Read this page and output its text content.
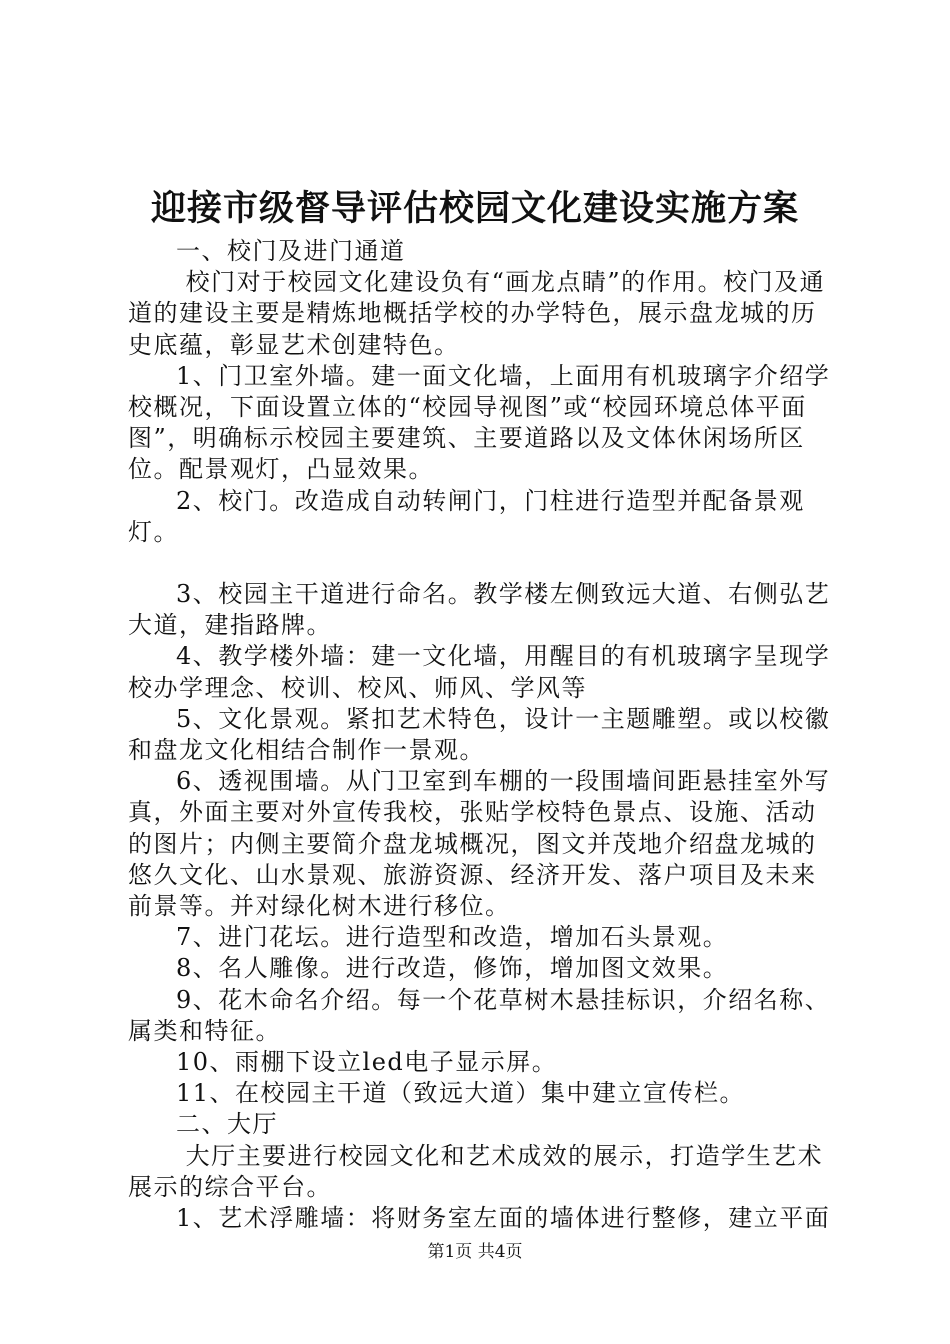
迎接市级督导评估校园文化建设实施方案

一、校门及进门通道

校门对于校园文化建设负有“画龙点睛”的作用。校门及通道的建设主要是精炼地概括学校的办学特色，展示盘龙城的历史底蕴，彰显艺术创建特色。

1、门卫室外墙。建一面文化墙，上面用有机玻璃字介绍学校概况，下面设置立体的“校园导视图”或“校园环境总体平面图”，明确标示校园主要建筑、主要道路以及文体休闲场所区位。配景观灯，凸显效果。

2、校门。改造成自动转闸门，门柱进行造型并配备景观灯。

3、校园主干道进行命名。教学楼左侧致远大道、右侧弘艺大道，建指路牌。

4、教学楼外墙：建一文化墙，用醒目的有机玻璃字呈现学校办学理念、校训、校风、师风、学风等

5、文化景观。紧扣艺术特色，设计一主题雕塑。或以校徽和盘龙文化相结合制作一景观。

6、透视围墙。从门卫室到车棚的一段围墙间距悬挂室外写真，外面主要对外宣传我校，张贴学校特色景点、设施、活动的图片；内侧主要简介盘龙城概况，图文并茂地介绍盘龙城的悠久文化、山水景观、旅游资源、经济开发、落户项目及未来前景等。并对绿化树木进行移位。

7、进门花坛。进行造型和改造，增加石头景观。

8、名人雕像。进行改造，修饰，增加图文效果。

9、花木命名介绍。每一个花草树木悬挂标识，介绍名称、属类和特征。

10、雨棚下设立led电子显示屏。

11、在校园主干道（致远大道）集中建立宣传栏。

二、大厅

大厅主要进行校园文化和艺术成效的展示，打造学生艺术展示的综合平台。

1、艺术浮雕墙：将财务室左面的墙体进行整修，建立平面

第1页 共4页
